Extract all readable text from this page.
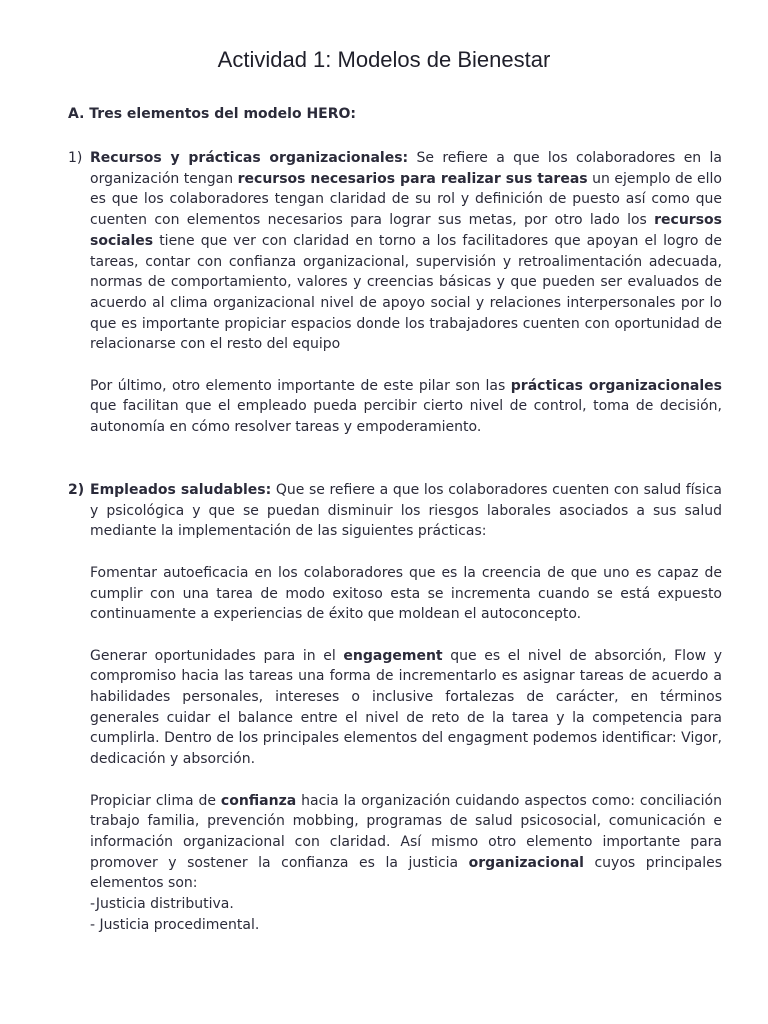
Actividad 1: Modelos de Bienestar
A. Tres elementos del modelo HERO:
1) Recursos y prácticas organizacionales: Se refiere a que los colaboradores en la organización tengan recursos necesarios para realizar sus tareas un ejemplo de ello es que los colaboradores tengan claridad de su rol y definición de puesto así como que cuenten con elementos necesarios para lograr sus metas, por otro lado los recursos sociales tiene que ver con claridad en torno a los facilitadores que apoyan el logro de tareas, contar con confianza organizacional, supervisión y retroalimentación adecuada, normas de comportamiento, valores y creencias básicas y que pueden ser evaluados de acuerdo al clima organizacional nivel de apoyo social y relaciones interpersonales por lo que es importante propiciar espacios donde los trabajadores cuenten con oportunidad de relacionarse con el resto del equipo

Por último, otro elemento importante de este pilar son las prácticas organizacionales que facilitan que el empleado pueda percibir cierto nivel de control, toma de decisión, autonomía en cómo resolver tareas y empoderamiento.

2) Empleados saludables: Que se refiere a que los colaboradores cuenten con salud física y psicológica y que se puedan disminuir los riesgos laborales asociados a sus salud mediante la implementación de las siguientes prácticas:

Fomentar autoeficacia en los colaboradores que es la creencia de que uno es capaz de cumplir con una tarea de modo exitoso esta se incrementa cuando se está expuesto continuamente a experiencias de éxito que moldean el autoconcepto.

Generar oportunidades para in el engagement que es el nivel de absorción, Flow y compromiso hacia las tareas una forma de incrementarlo es asignar tareas de acuerdo a habilidades personales, intereses o inclusive fortalezas de carácter, en términos generales cuidar el balance entre el nivel de reto de la tarea y la competencia para cumplirla. Dentro de los principales elementos del engagment podemos identificar: Vigor, dedicación y absorción.

Propiciar clima de confianza hacia la organización cuidando aspectos como: conciliación trabajo familia, prevención mobbing, programas de salud psicosocial, comunicación e información organizacional con claridad. Así mismo otro elemento importante para promover y sostener la confianza es la justicia organizacional cuyos principales elementos son:

-Justicia distributiva.
- Justicia procedimental.
